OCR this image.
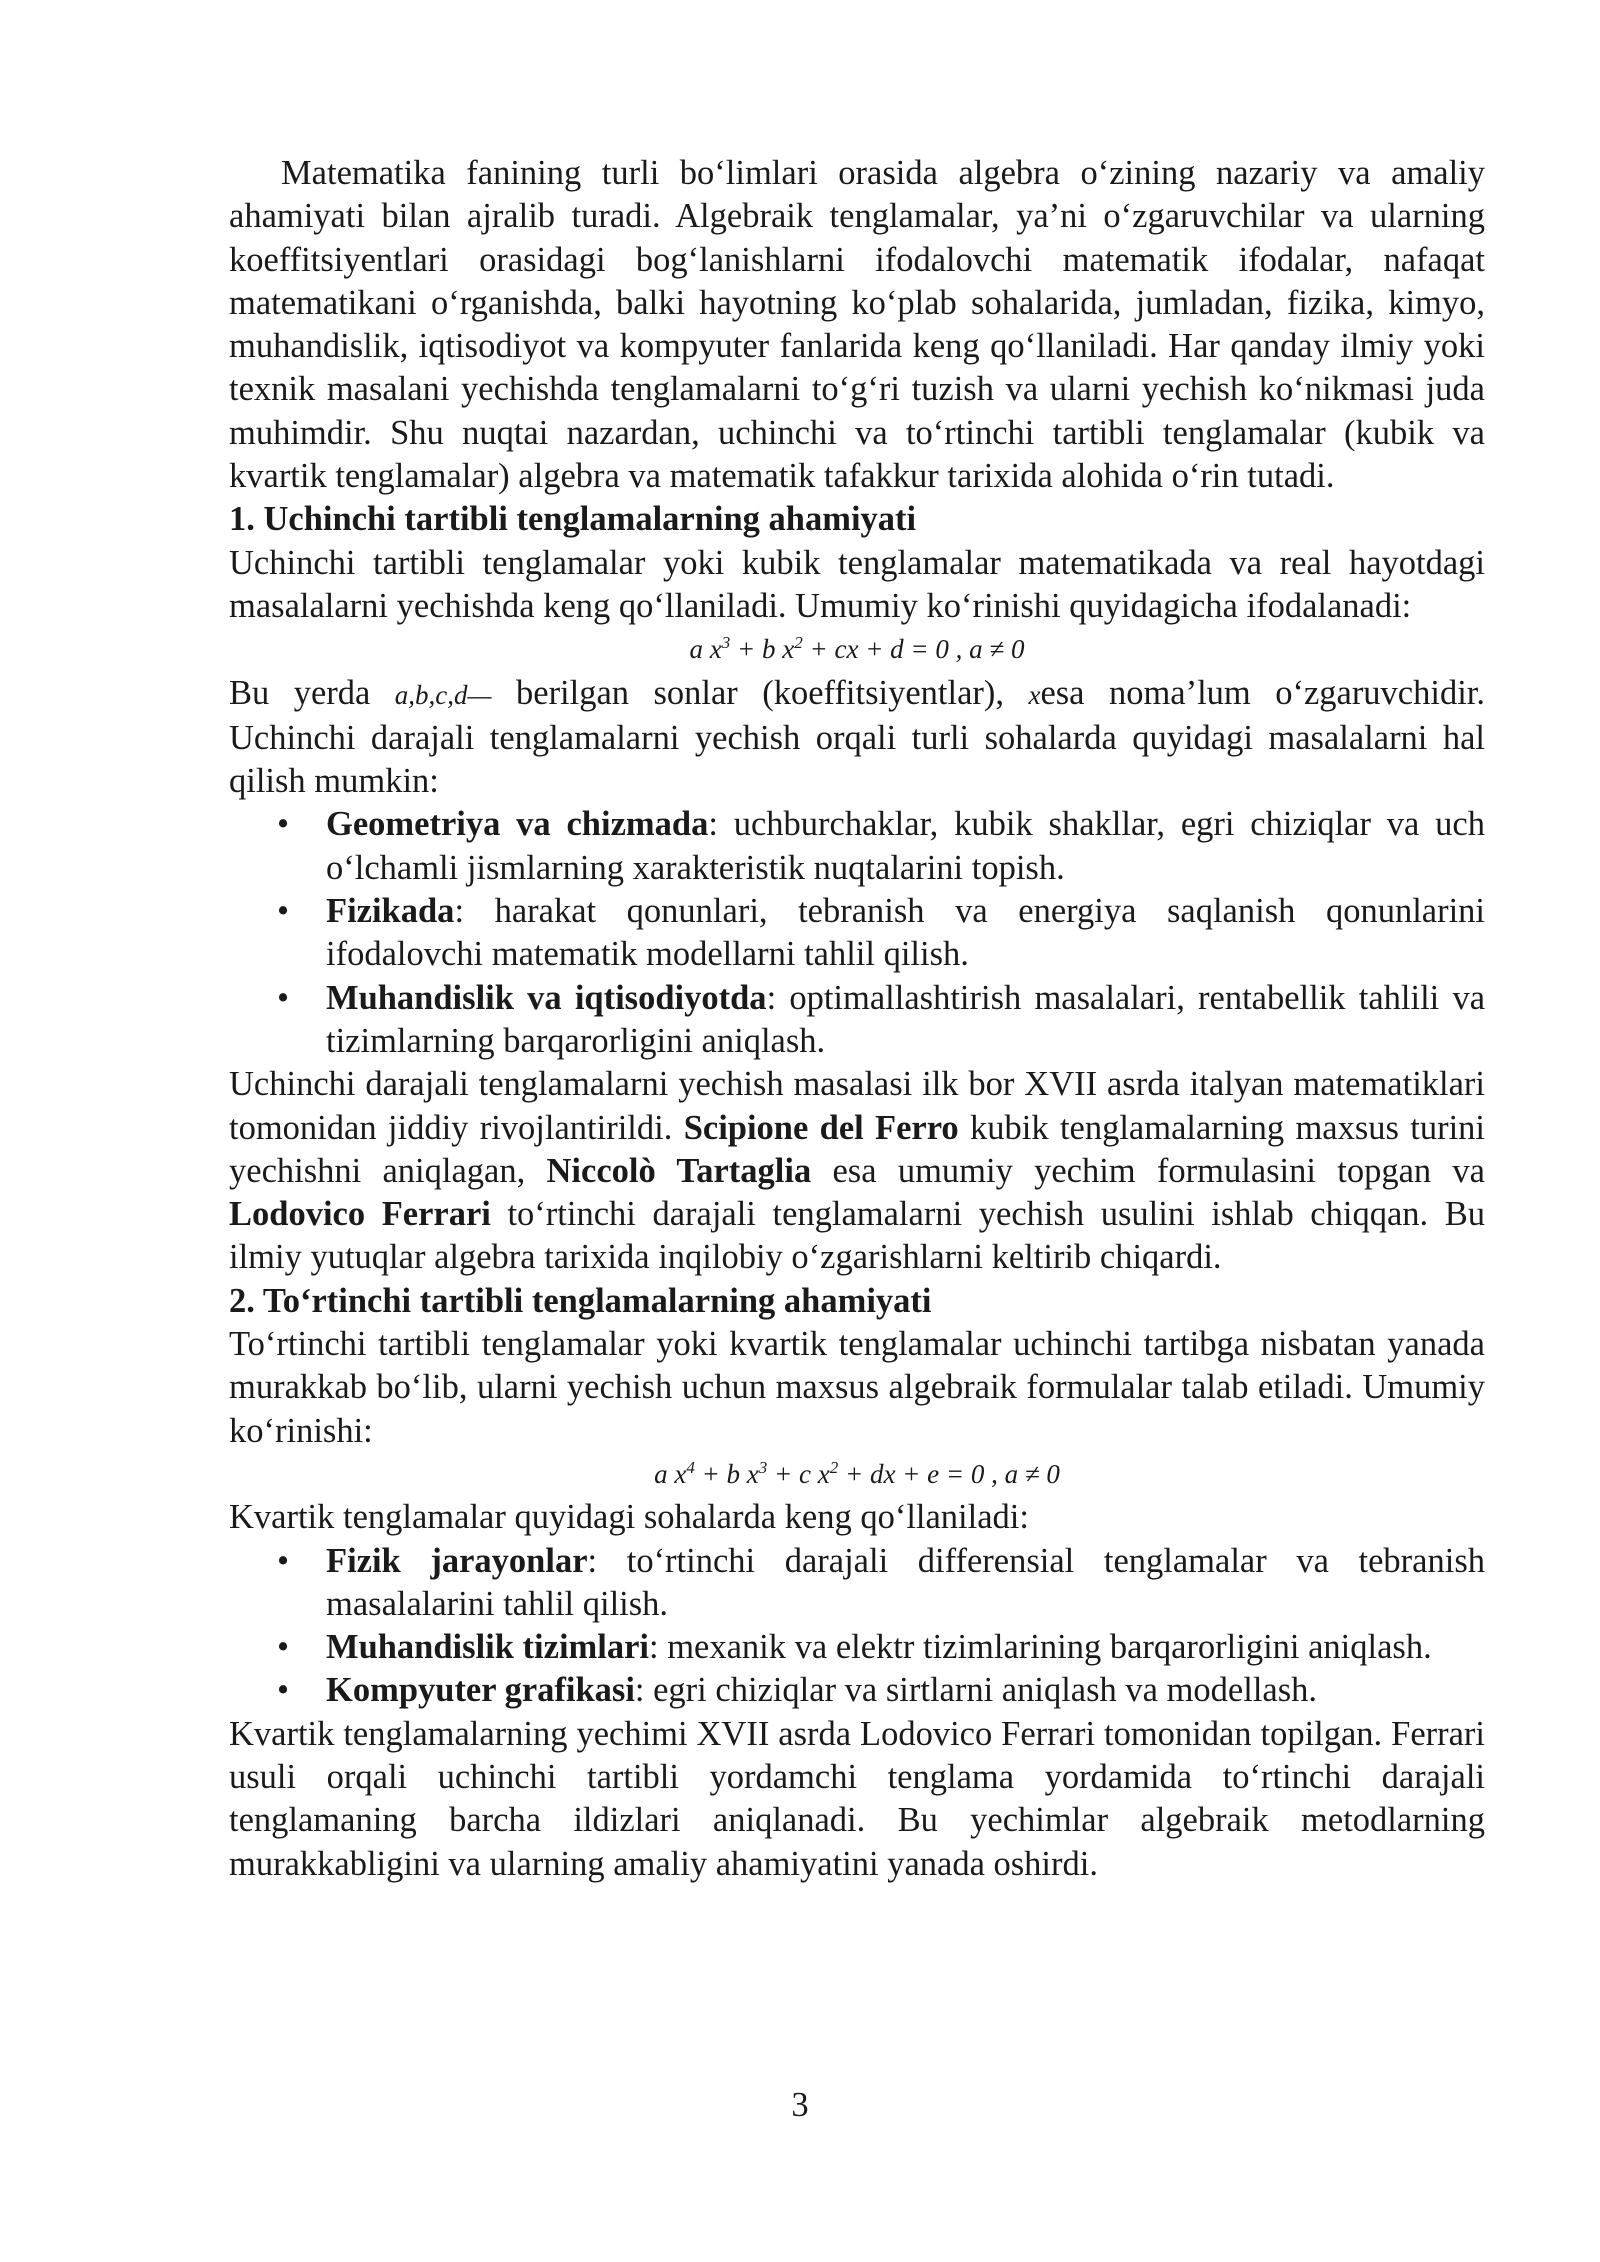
Matematika fanining turli bo‘limlari orasida algebra o‘zining nazariy va amaliy ahamiyati bilan ajralib turadi. Algebraik tenglamalar, ya’ni o‘zgaruvchilar va ularning koeffitsiyentlari orasidagi bog‘lanishlarni ifodalovchi matematik ifodalar, nafaqat matematikani o‘rganishda, balki hayotning ko‘plab sohalarida, jumladan, fizika, kimyo, muhandislik, iqtisodiyot va kompyuter fanlarida keng qo‘llaniladi. Har qanday ilmiy yoki texnik masalani yechishda tenglamalarni to‘g‘ri tuzish va ularni yechish ko‘nikmasi juda muhimdir. Shu nuqtai nazardan, uchinchi va to‘rtinchi tartibli tenglamalar (kubik va kvartik tenglamalar) algebra va matematik tafakkur tarixida alohida o‘rin tutadi.

1. Uchinchi tartibli tenglamalarning ahamiyati

Uchinchi tartibli tenglamalar yoki kubik tenglamalar matematikada va real hayotdagi masalalarni yechishda keng qo‘llaniladi. Umumiy ko‘rinishi quyidagicha ifodalanadi:

a $x^3 + b$ $x^2$ + cx + d = 0 , a ≠ 0

Bu yerda a,b,c,d— berilgan sonlar (koeffitsiyentlar), xesa noma’lum o‘zgaruvchidir. Uchinchi darajali tenglamalarni yechish orqali turli sohalarda quyidagi masalalarni hal qilish mumkin:

• Geometriya va chizmada: uchburchaklar, kubik shakllar, egri chiziqlar va uch o‘lchamli jismlarning xarakteristik nuqtalarini topish.
• Fizikada: harakat qonunlari, tebranish va energiya saqlanish qonunlarini ifodalovchi matematik modellarni tahlil qilish.
• Muhandislik va iqtisodiyotda: optimallashtirish masalalari, rentabellik tahlili va tizimlarning barqarorligini aniqlash.

Uchinchi darajali tenglamalarni yechish masalasi ilk bor XVII asrda italyan matematiklari tomonidan jiddiy rivojlantirildi. Scipione del Ferro kubik tenglamalarning maxsus turini yechishni aniqlagan, Niccolò Tartaglia esa umumiy yechim formulasini topgan va Lodovico Ferrari to‘rtinchi darajali tenglamalarni yechish usulini ishlab chiqqan. Bu ilmiy yutuqlar algebra tarixida inqilobiy o‘zgarishlarni keltirib chiqardi.

2. To‘rtinchi tartibli tenglamalarning ahamiyati

To‘rtinchi tartibli tenglamalar yoki kvartik tenglamalar uchinchi tartibga nisbatan yanada murakkab bo‘lib, ularni yechish uchun maxsus algebraik formulalar talab etiladi. Umumiy ko‘rinishi:

a $x^4 + b$ $x^3 + c$ $x^2$ + dx + e = 0 , a ≠ 0

Kvartik tenglamalar quyidagi sohalarda keng qo‘llaniladi:

• Fizik jarayonlar: to‘rtinchi darajali differensial tenglamalar va tebranish masalalarini tahlil qilish.
• Muhandislik tizimlari: mexanik va elektr tizimlarining barqarorligini aniqlash.
• Kompyuter grafikasi: egri chiziqlar va sirtlarni aniqlash va modellash.

Kvartik tenglamalarning yechimi XVII asrda Lodovico Ferrari tomonidan topilgan. Ferrari usuli orqali uchinchi tartibli yordamchi tenglama yordamida to‘rtinchi darajali tenglamaning barcha ildizlari aniqlanadi. Bu yechimlar algebraik metodlarning murakkabligini va ularning amaliy ahamiyatini yanada oshirdi.

3
